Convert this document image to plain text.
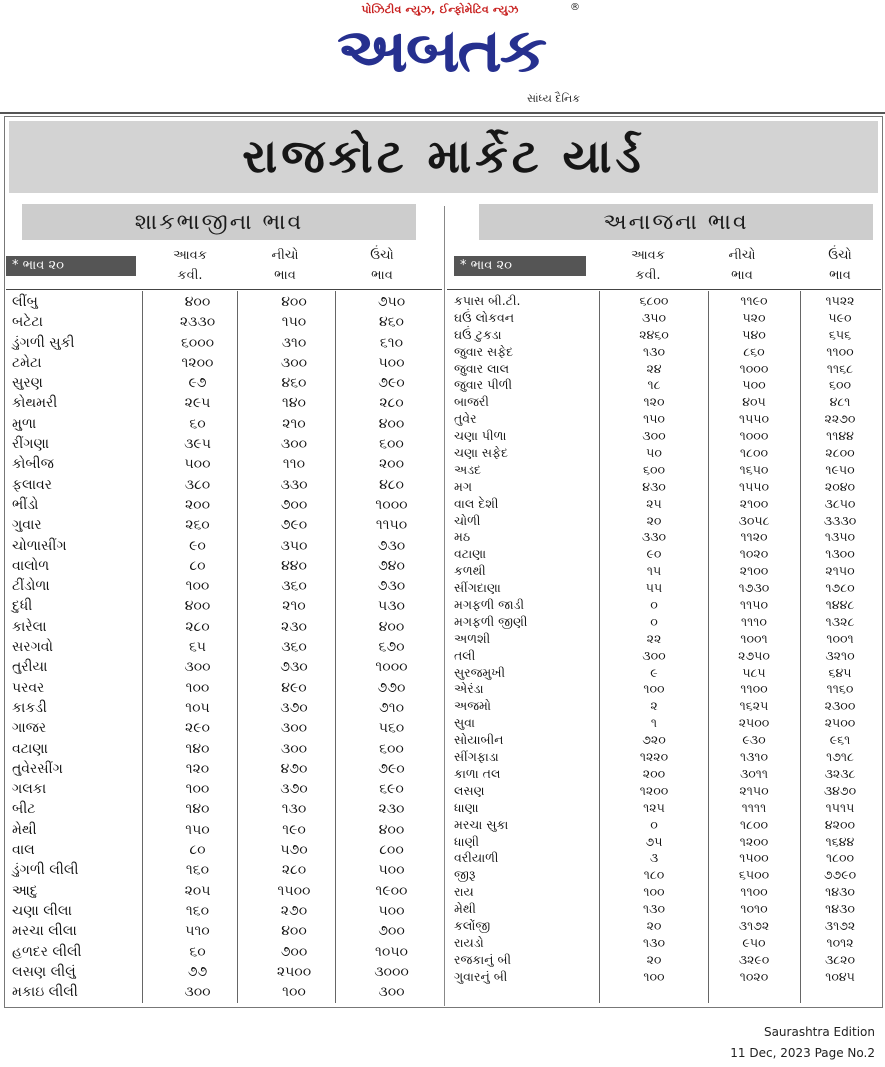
પોઝિટીવ ન્યુઝ, ઈન્ફોમેટિવ ન્યુઝ	®
અબતક
સાંધ્ય દૈનિક
રાજકોટ માર્કેટ યાર્ડ
શાકભાજીના ભાવ	અનાજના ભાવ
* ભાવ ૨૦
આવક
કવી.
નીચો
ભાવ
ઉંચો
ભાવ
લીંબુ	૪૦૦	૪૦૦	૭૫૦
બટેટા	૨૩૩૦	૧૫૦	૪૬૦
ડુંગળી સુકી	૬૦૦૦	૩૧૦	૬૧૦
ટમેટા	૧૨૦૦	૩૦૦	૫૦૦
સુરણ	૯૭	૪૬૦	૭૯૦
કોથમરી	૨૯૫	૧૪૦	૨૮૦
મુળા	૬૦	૨૧૦	૪૦૦
રીંગણા	૩૯૫	૩૦૦	૬૦૦
કોબીજ	૫૦૦	૧૧૦	૨૦૦
ફલાવર	૩૮૦	૩૩૦	૪૮૦
ભીંડો	૨૦૦	૭૦૦	૧૦૦૦
ગુવાર	૨૬૦	૭૯૦	૧૧૫૦
ચોળાસીંગ	૯૦	૩૫૦	૭૩૦
વાલોળ	૮૦	૪૪૦	૭૪૦
ટીંડોળા	૧૦૦	૩૬૦	૭૩૦
દુધી	૪૦૦	૨૧૦	૫૩૦
કારેલા	૨૮૦	૨૩૦	૪૦૦
સરગવો	૬૫	૩૬૦	૬૭૦
તુરીયા	૩૦૦	૭૩૦	૧૦૦૦
પરવર	૧૦૦	૪૯૦	૭૭૦
કાકડી	૧૦૫	૩૭૦	૭૧૦
ગાજર	૨૯૦	૩૦૦	૫૬૦
વટાણા	૧૪૦	૩૦૦	૬૦૦
તુવેરસીંગ	૧૨૦	૪૭૦	૭૯૦
ગલકા	૧૦૦	૩૭૦	૬૯૦
બીટ	૧૪૦	૧૩૦	૨૩૦
મેથી	૧૫૦	૧૯૦	૪૦૦
વાલ	૮૦	૫૭૦	૮૦૦
ડુંગળી લીલી	૧૬૦	૨૮૦	૫૦૦
આદુ	૨૦૫	૧૫૦૦	૧૯૦૦
ચણા લીલા	૧૬૦	૨૭૦	૫૦૦
મરચા લીલા	૫૧૦	૪૦૦	૭૦૦
હળદર લીલી	૬૦	૭૦૦	૧૦૫૦
લસણ લીલું	૭૭	૨૫૦૦	૩૦૦૦
મકાઇ લીલી	૩૦૦	૧૦૦	૩૦૦
* ભાવ ૨૦
આવક
કવી.
નીચો
ભાવ
ઉંચો
ભાવ
કપાસ બી.ટી.	૬૮૦૦	૧૧૯૦	૧૫૨૨
ઘઉં લોકવન	૩૫૦	૫૨૦	૫૯૦
ઘઉં ટુકડા	૨૪૬૦	૫૪૦	૬૫૬
જુવાર સફેદ	૧૩૦	૮૬૦	૧૧૦૦
જુવાર લાલ	૨૪	૧૦૦૦	૧૧૬૮
જુવાર પીળી	૧૮	૫૦૦	૬૦૦
બાજરી	૧૨૦	૪૦૫	૪૮૧
તુવેર	૧૫૦	૧૫૫૦	૨૨૭૦
ચણા પીળા	૩૦૦	૧૦૦૦	૧૧૪૪
ચણા સફેદ	૫૦	૧૮૦૦	૨૮૦૦
અડદ	૬૦૦	૧૬૫૦	૧૯૫૦
મગ	૪૩૦	૧૫૫૦	૨૦૪૦
વાલ દેશી	૨૫	૨૧૦૦	૩૮૫૦
ચોળી	૨૦	૩૦૫૮	૩૩૩૦
મઠ	૩૩૦	૧૧૨૦	૧૩૫૦
વટાણા	૯૦	૧૦૨૦	૧૩૦૦
કળથી	૧૫	૨૧૦૦	૨૧૫૦
સીંગદાણા	૫૫	૧૭૩૦	૧૭૮૦
મગફળી જાડી	૦	૧૧૫૦	૧૪૪૮
મગફળી જીણી	૦	૧૧૧૦	૧૩૨૮
અળશી	૨૨	૧૦૦૧	૧૦૦૧
તલી	૩૦૦	૨૭૫૦	૩૨૧૦
સુરજમુખી	૯	૫૮૫	૬૪૫
એરંડા	૧૦૦	૧૧૦૦	૧૧૬૦
અજમો	૨	૧૬૨૫	૨૩૦૦
સુવા	૧	૨૫૦૦	૨૫૦૦
સોયાબીન	૭૨૦	૯૩૦	૯૬૧
સીંગફાડા	૧૨૨૦	૧૩૧૦	૧૭૧૮
કાળા તલ	૨૦૦	૩૦૧૧	૩૨૩૮
લસણ	૧૨૦૦	૨૧૫૦	૩૪૭૦
ધાણા	૧૨૫	૧૧૧૧	૧૫૧૫
મરચા સુકા	૦	૧૮૦૦	૪૨૦૦
ધાણી	૭૫	૧૨૦૦	૧૬૪૪
વરીયાળી	૩	૧૫૦૦	૧૮૦૦
જીરૂ	૧૮૦	૬૫૦૦	૭૭૯૦
રાય	૧૦૦	૧૧૦૦	૧૪૩૦
મેથી	૧૩૦	૧૦૧૦	૧૪૩૦
કલોંજી	૨૦	૩૧૭૨	૩૧૭૨
રાયડો	૧૩૦	૯૫૦	૧૦૧૨
રજકાનું બી	૨૦	૩૨૯૦	૩૮૨૦
ગુવારનું બી	૧૦૦	૧૦૨૦	૧૦૪૫
Saurashtra Edition
11 Dec, 2023 Page No.2
